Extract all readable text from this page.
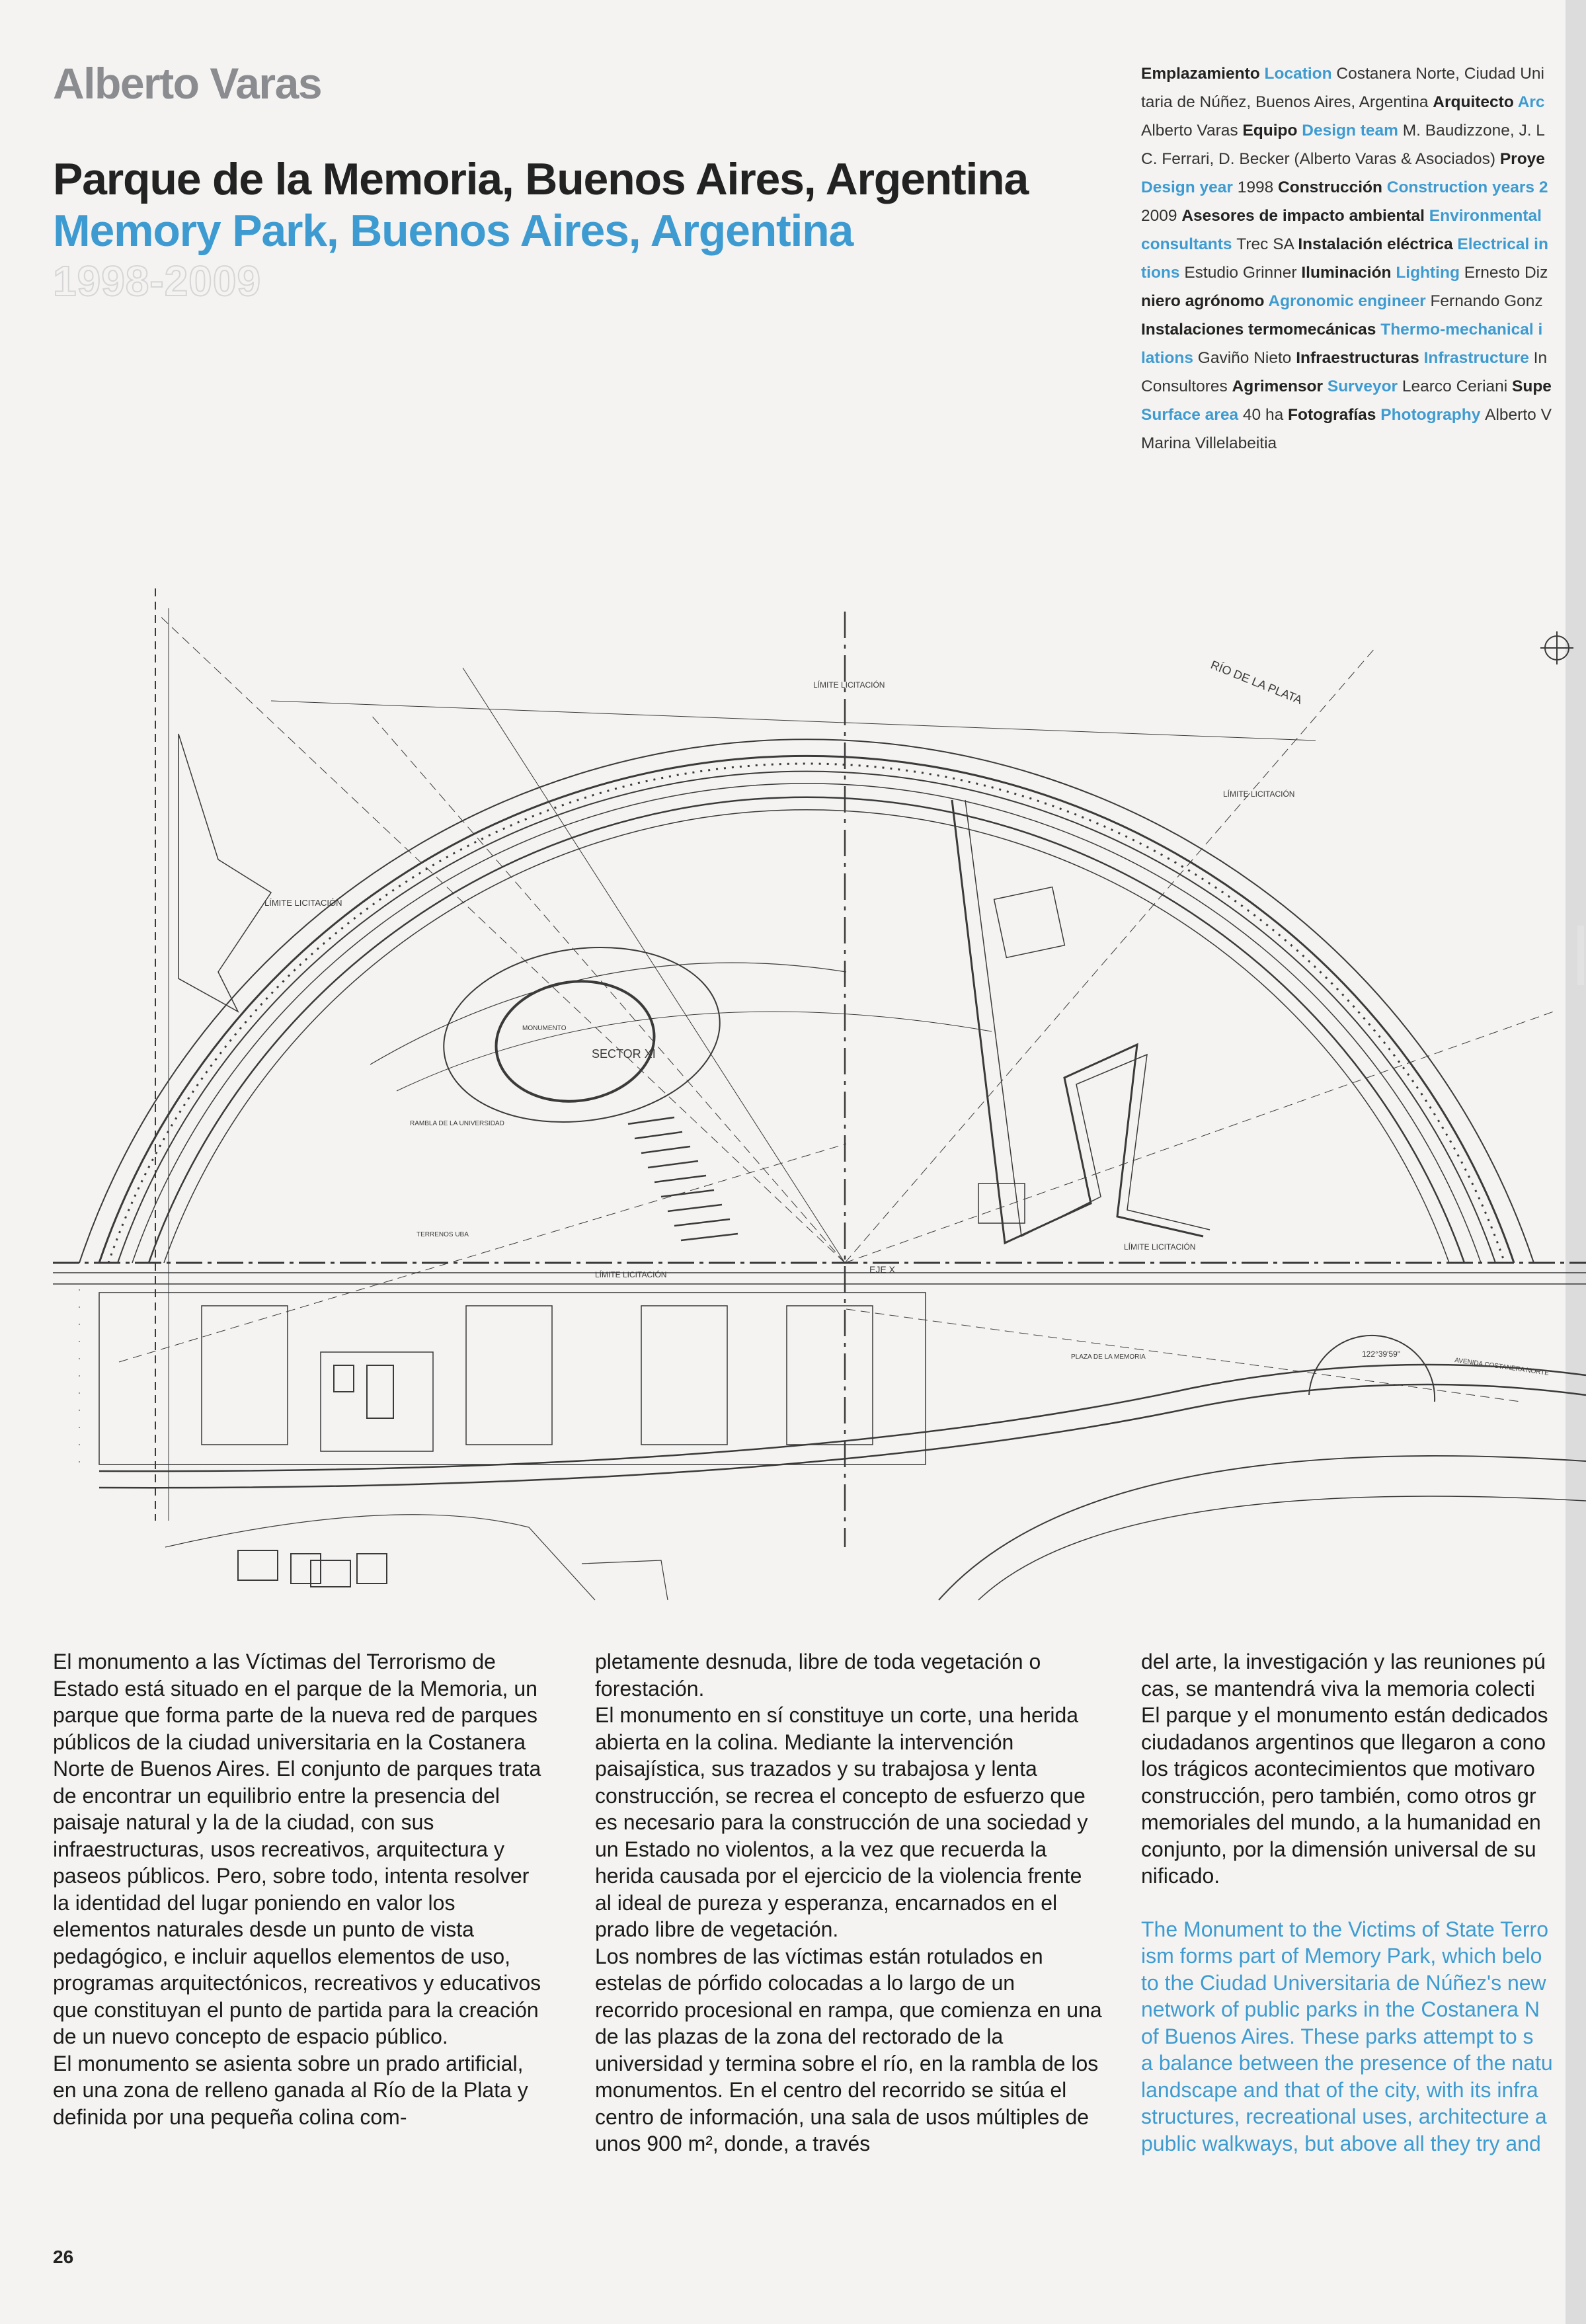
Alberto Varas
Parque de la Memoria, Buenos Aires, Argentina
Memory Park, Buenos Aires, Argentina
1998-2009
Emplazamiento Location Costanera Norte, Ciudad Uni
taria de Núñez, Buenos Aires, Argentina Arquitecto Arc
Alberto Varas Equipo Design team M. Baudizzone, J. L
C. Ferrari, D. Becker (Alberto Varas & Asociados) Proye
Design year 1998 Construcción Construction years 2
2009 Asesores de impacto ambiental Environmental
consultants Trec SA Instalación eléctrica Electrical in
tions Estudio Grinner Iluminación Lighting Ernesto Diz
niero agrónomo Agronomic engineer Fernando Gonz
Instalaciones termomecánicas Thermo-mechanical i
lations Gaviño Nieto Infraestructuras Infrastructure In
Consultores Agrimensor Surveyor Learco Ceriani Supe
Surface area 40 ha Fotografías Photography Alberto V
Marina Villelabeitia
RÍO DE LA PLATA
LÍMITE LICITACIÓN
LÍMITE LICITACIÓN
LÍMITE LICITACIÓN
LÍMITE LICITACIÓN
LÍMITE LICITACIÓN
SECTOR XI
EJE X
PLAZA DE LA MEMORIA
RAMBLA DE LA UNIVERSIDAD
TERRENOS UBA
MONUMENTO
AVENIDA COSTANERA NORTE
122°39'59"

El monumento a las Víctimas del Terrorismo de Estado está situado en el parque de la Memoria, un parque que forma parte de la nueva red de parques públicos de la ciudad universitaria en la Costanera Norte de Buenos Aires. El conjunto de parques trata de encontrar un equilibrio entre la presencia del paisaje natural y la de la ciudad, con sus infraestructuras, usos recreativos, arquitectura y paseos públicos. Pero, sobre todo, intenta resolver la identidad del lugar poniendo en valor los elementos naturales desde un punto de vista pedagógico, e incluir aquellos elementos de uso, programas arquitectónicos, recreativos y educativos que constituyan el punto de partida para la creación de un nuevo concepto de espacio público.

El monumento se asienta sobre un prado artificial, en una zona de relleno ganada al Río de la Plata y definida por una pequeña colina com-

pletamente desnuda, libre de toda vegetación o forestación.

El monumento en sí constituye un corte, una herida abierta en la colina. Mediante la intervención paisajística, sus trazados y su trabajosa y lenta construcción, se recrea el concepto de esfuerzo que es necesario para la construcción de una sociedad y un Estado no violentos, a la vez que recuerda la herida causada por el ejercicio de la violencia frente al ideal de pureza y esperanza, encarnados en el prado libre de vegetación.

Los nombres de las víctimas están rotulados en estelas de pórfido colocadas a lo largo de un recorrido procesional en rampa, que comienza en una de las plazas de la zona del rectorado de la universidad y termina sobre el río, en la rambla de los monumentos. En el centro del recorrido se sitúa el centro de información, una sala de usos múltiples de unos 900 m², donde, a través

del arte, la investigación y las reuniones pú
cas, se mantendrá viva la memoria colecti
El parque y el monumento están dedicados
ciudadanos argentinos que llegaron a cono
los trágicos acontecimientos que motivaro
construcción, pero también, como otros gr
memoriales del mundo, a la humanidad en
conjunto, por la dimensión universal de su
nificado.
The Monument to the Victims of State Terro
ism forms part of Memory Park, which belo
to the Ciudad Universitaria de Núñez's new
network of public parks in the Costanera N
of Buenos Aires. These parks attempt to s
a balance between the presence of the natu
landscape and that of the city, with its infra
structures, recreational uses, architecture a
public walkways, but above all they try and
26
